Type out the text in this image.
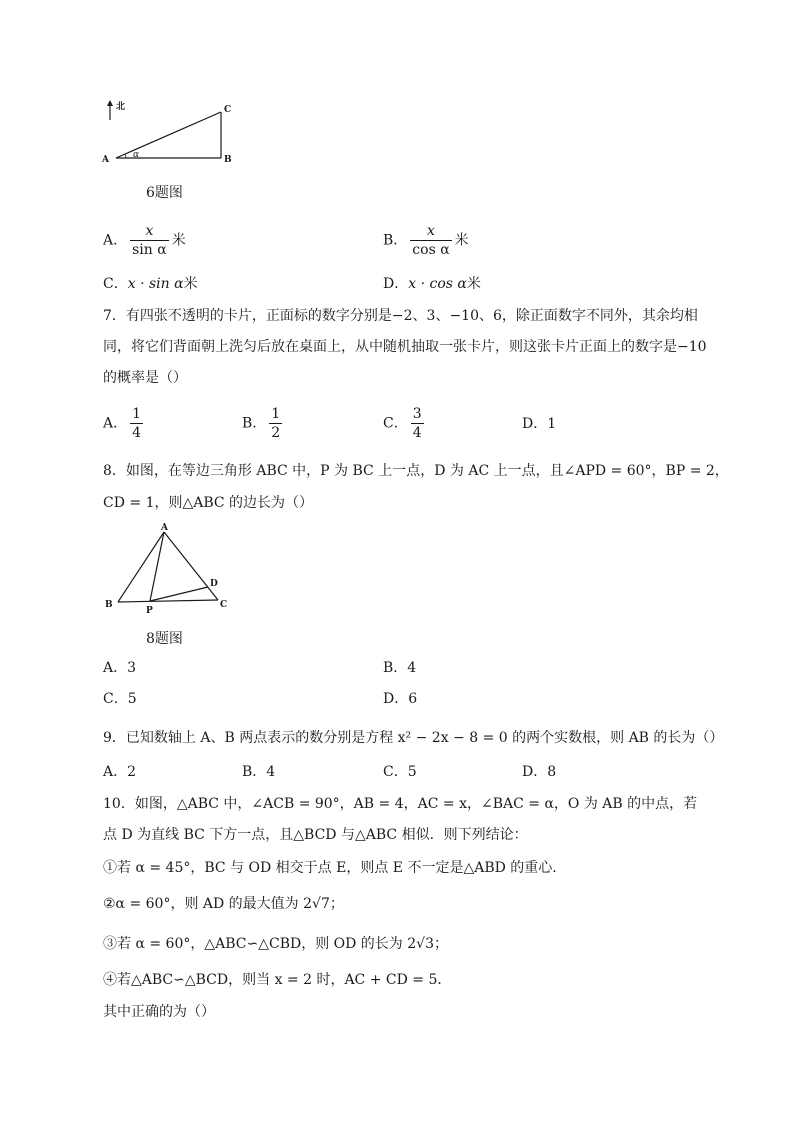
北
A	B
C
α
6题图
A． $\frac{x}{\text{sin α}}$ 米	B． $\frac{x}{\text{cos α}}$ 米
C．x · sin α米	D．x · cos α米
7．有四张不透明的卡片，正面标的数字分别是−2、3、−10、6，除正面数字不同外，其余均相
同，将它们背面朝上洗匀后放在桌面上，从中随机抽取一张卡片，则这张卡片正面上的数字是−10
的概率是（）
A． $\frac{1}{4}$	B． $\frac{1}{2}$	C． $\frac{3}{4}$	D．1
8．如图，在等边三角形 ABC 中，P 为 BC 上一点，D 为 AC 上一点，且∠APD = 60°，BP = 2，
CD = 1，则△ABC 的边长为（）
A
B	C
D
P
8题图
A．3	B．4
C．5	D．6
9．已知数轴上 A、B 两点表示的数分别是方程 x² − 2x − 8 = 0 的两个实数根，则 AB 的长为（）
A．2	B．4	C．5	D．8
10．如图，△ABC 中，∠ACB = 90°，AB = 4，AC = x，∠BAC = α，O 为 AB 的中点，若
点 D 为直线 BC 下方一点，且△BCD 与△ABC 相似．则下列结论：
①若 α = 45°，BC 与 OD 相交于点 E，则点 E 不一定是△ABD 的重心．
②α = 60°，则 AD 的最大值为 2√7；
③若 α = 60°，△ABC∽△CBD，则 OD 的长为 2√3；
④若△ABC∽△BCD，则当 x = 2 时，AC + CD = 5．
其中正确的为（）
